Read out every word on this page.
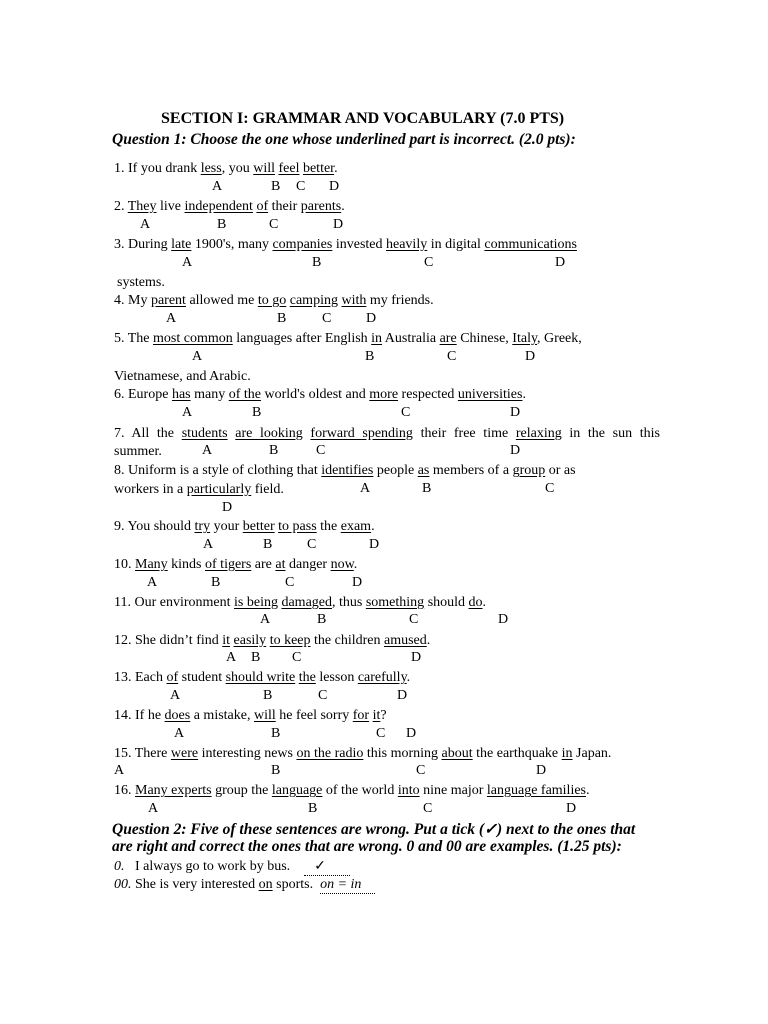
SECTION I: GRAMMAR AND VOCABULARY (7.0 PTS)
Question 1: Choose the one whose underlined part is incorrect. (2.0 pts):
1. If you drank less, you will feel better.
A	B C D
2. They live independent of their parents.
A	B	C	D
3. During late 1900's, many companies invested heavily in digital communications
systems.
A	B	C	D
4. My parent allowed me to go camping with my friends.
A	B	C D
5. The most common languages after English in Australia are Chinese, Italy, Greek,
Vietnamese, and Arabic.
A	B	C	D
6. Europe has many of the world's oldest and more respected universities.
A	B	C	D
7. All the students are looking forward spending their free time relaxing in the sun this
summer.	A	B	C	D
8. Uniform is a style of clothing that identifies people as members of a group or as
workers in a particularly field.	A	B	C
D
9. You should try your better to pass the exam.
A	B C	D
10. Many kinds of tigers are at danger now.
A	B	C	D
11. Our environment is being damaged, thus something should do.
A	B	C	D
12. She didn’t find it easily to keep the children amused.
A B C	D
13. Each of student should write the lesson carefully.
A	B	C	D
14. If he does a mistake, will he feel sorry for it?
A	B	C D
15. There were interesting news on the radio this morning about the earthquake in Japan.
A	B	C	D
16. Many experts group the language of the world into nine major language families.
A	B	C	D
Question 2: Five of these sentences are wrong. Put a tick (✓) next to the ones that
are right and correct the ones that are wrong. 0 and 00 are examples. (1.25 pts):
0. I always go to work by bus. ✓
00. She is very interested on sports. on = in
